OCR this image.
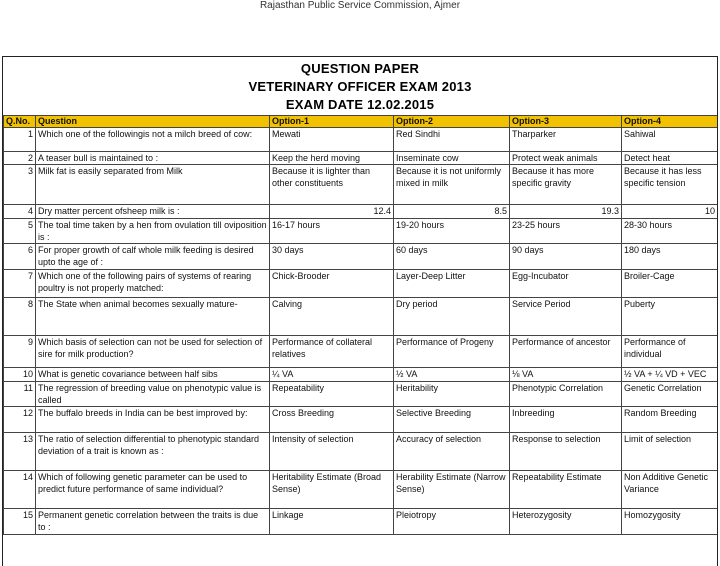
Rajasthan Public Service Commission, Ajmer
QUESTION PAPER
VETERINARY OFFICER EXAM 2013
EXAM DATE 12.02.2015
Q.No.	Question	Option-1	Option-2	Option-3	Option-4
1	Which one of the followingis not a milch breed of cow:	Mewati	Red Sindhi	Tharparker	Sahiwal
2	A teaser bull is maintained to :	Keep the herd moving	Inseminate cow	Protect weak animals	Detect heat
3	Milk fat is easily separated from Milk	Because it is lighter than other constituents	Because it is not uniformly mixed in milk	Because it has more specific gravity	Because it has less specific tension
4	Dry matter percent ofsheep milk is :	12.4	8.5	19.3	10
5	The toal time taken by a hen from ovulation till oviposition is :	16-17 hours	19-20 hours	23-25 hours	28-30 hours
6	For proper growth of calf whole milk feeding is desired upto the age of :	30 days	60 days	90 days	180 days
7	Which one of the following pairs of systems of rearing poultry is not properly matched:	Chick-Brooder	Layer-Deep Litter	Egg-Incubator	Broiler-Cage
8	The State when animal becomes sexually mature-	Calving	Dry period	Service Period	Puberty
9	Which basis of selection can not be used for selection of sire for milk production?	Performance of collateral relatives	Performance of Progeny	Performance of ancestor	Performance of individual
10	What is genetic covariance between half sibs	¼ VA	½ VA	⅛ VA	½ VA + ¼ VD + VEC
11	The regression of breeding value on phenotypic value is called	Repeatability	Heritability	Phenotypic Correlation	Genetic Correlation
12	The buffalo breeds in India can be best improved by:	Cross Breeding	Selective Breeding	Inbreeding	Random Breeding
13	The ratio of selection differential to phenotypic standard deviation of a trait is known as :	Intensity of selection	Accuracy of selection	Response to selection	Limit of selection
14	Which of following genetic parameter can be used to predict future performance of same individual?	Heritability Estimate (Broad Sense)	Herability Estimate (Narrow Sense)	Repeatability Estimate	Non Additive Genetic Variance
15	Permanent genetic correlation between the traits is due to :	Linkage	Pleiotropy	Heterozygosity	Homozygosity
